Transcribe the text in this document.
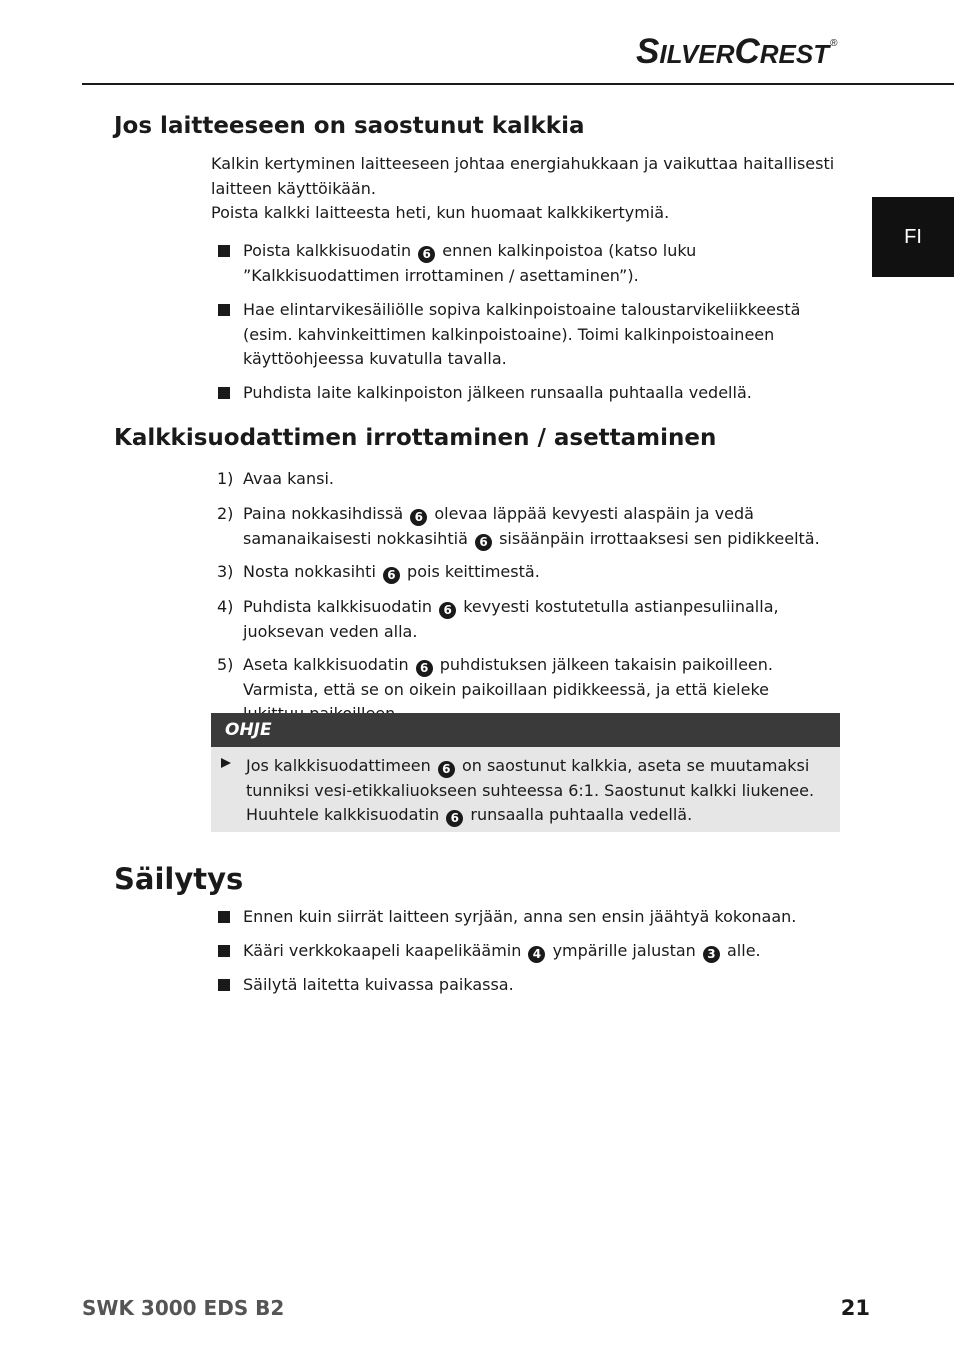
SILVERCREST®
FI
Jos laitteeseen on saostunut kalkkia

Kalkin kertyminen laitteeseen johtaa energiahukkaan ja vaikuttaa haitallisesti
laitteen käyttöikään.
Poista kalkki laitteesta heti, kun huomaat kalkkikertymiä.

Poista kalkkisuodatin 6 ennen kalkinpoistoa (katso luku ”Kalkkisuodattimen irrottaminen / asettaminen”).
Hae elintarvikesäiliölle sopiva kalkinpoistoaine taloustarvikeliikkeestä (esim. kahvinkeittimen kalkinpoistoaine). Toimi kalkinpoistoaineen käyttöohjeessa kuvatulla tavalla.
Puhdista laite kalkinpoiston jälkeen runsaalla puhtaalla vedellä.
Kalkkisuodattimen irrottaminen / asettaminen
1) Avaa kansi.
2) Paina nokkasihdissä 6 olevaa läppää kevyesti alaspäin ja vedä samanaikaisesti nokkasihtiä 6 sisäänpäin irrottaaksesi sen pidikkeeltä.
3) Nosta nokkasihti 6 pois keittimestä.
4) Puhdista kalkkisuodatin 6 kevyesti kostutetulla astianpesuliinalla, juoksevan veden alla.
5) Aseta kalkkisuodatin 6 puhdistuksen jälkeen takaisin paikoilleen. Varmista, että se on oikein paikoillaan pidikkeessä, ja että kieleke
OHJE
Jos kalkkisuodattimeen 6 on saostunut kalkkia, aseta se muutamaksi tunniksi vesi-etikkaliuokseen suhteessa 6:1. Saostunut kalkki liukenee. Huuhtele kalkkisuodatin 6 runsaalla puhtaalla vedellä.
Säilytys
Ennen kuin siirrät laitteen syrjään, anna sen ensin jäähtyä kokonaan.
Kääri verkkokaapeli kaapelikäämin 4 ympärille jalustan 3 alle.
Säilytä laitetta kuivassa paikassa.
SWK 3000 EDS B2	21
